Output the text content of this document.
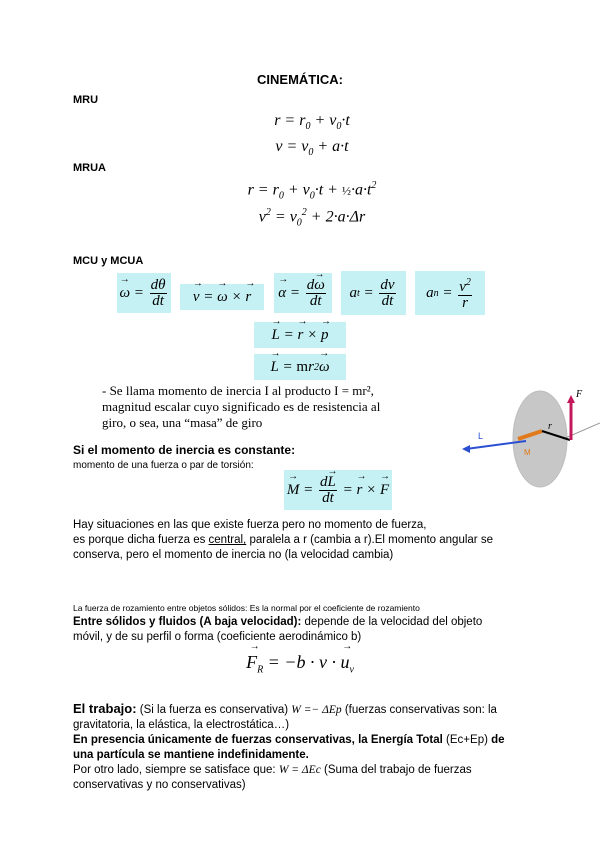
CINEMÁTICA:
MRU
$r = r_0 + v_0\cdot t$
$v = v_0 + a\cdot t$
MRUA
$r = r_0 + v_0\cdot t$ + $\frac{1}{2}\cdot a\cdot t^2$
$v^2 = v_0^2 + 2\cdot a\cdot\Delta r$
MCU y MCUA
→ $\omega = \frac{d\theta}{dt}$
→ v =
→ ω ×
→ r
→ $\alpha = \frac{d\to \omega}{dt}$	a $t = \frac{dv}{dt}$	a $n = \frac{v^2}{r}$
→ L =
→ r ×
→ p
→ L = m r 2
→ ω
- Se llama momento de inercia I al producto I = mr²,
magnitud escalar cuyo significado es de resistencia al
giro, o sea, una “masa” de giro
L
M
r
F
Si el momento de inercia es constante:
momento de una fuerza o par de torsión:
→ $M = \frac{d\to L}{dt}$ =
→ r ×
→ F
Hay situaciones en las que existe fuerza pero no momento de fuerza,
es porque dicha fuerza es central, paralela a r (cambia a r).El momento angular se
conserva, pero el momento de inercia no (la velocidad cambia)
La fuerza de rozamiento entre objetos sólidos: Es la normal por el coeficiente de rozamiento
Entre sólidos y fluidos (A baja velocidad): depende de la velocidad del objeto
móvil, y de su perfil o forma (coeficiente aerodinámico b)
→ $F_R = -b \cdot v$ · → $u_v$
El trabajo: (Si la fuerza es conservativa) W =− ΔEp (fuerzas conservativas son: la
gravitatoria, la elástica, la electrostática…)
En presencia únicamente de fuerzas conservativas, la Energía Total (Ec+Ep) de
una partícula se mantiene indefinidamente.
Por otro lado, siempre se satisface que: W = ΔEc (Suma del trabajo de fuerzas
conservativas y no conservativas)
